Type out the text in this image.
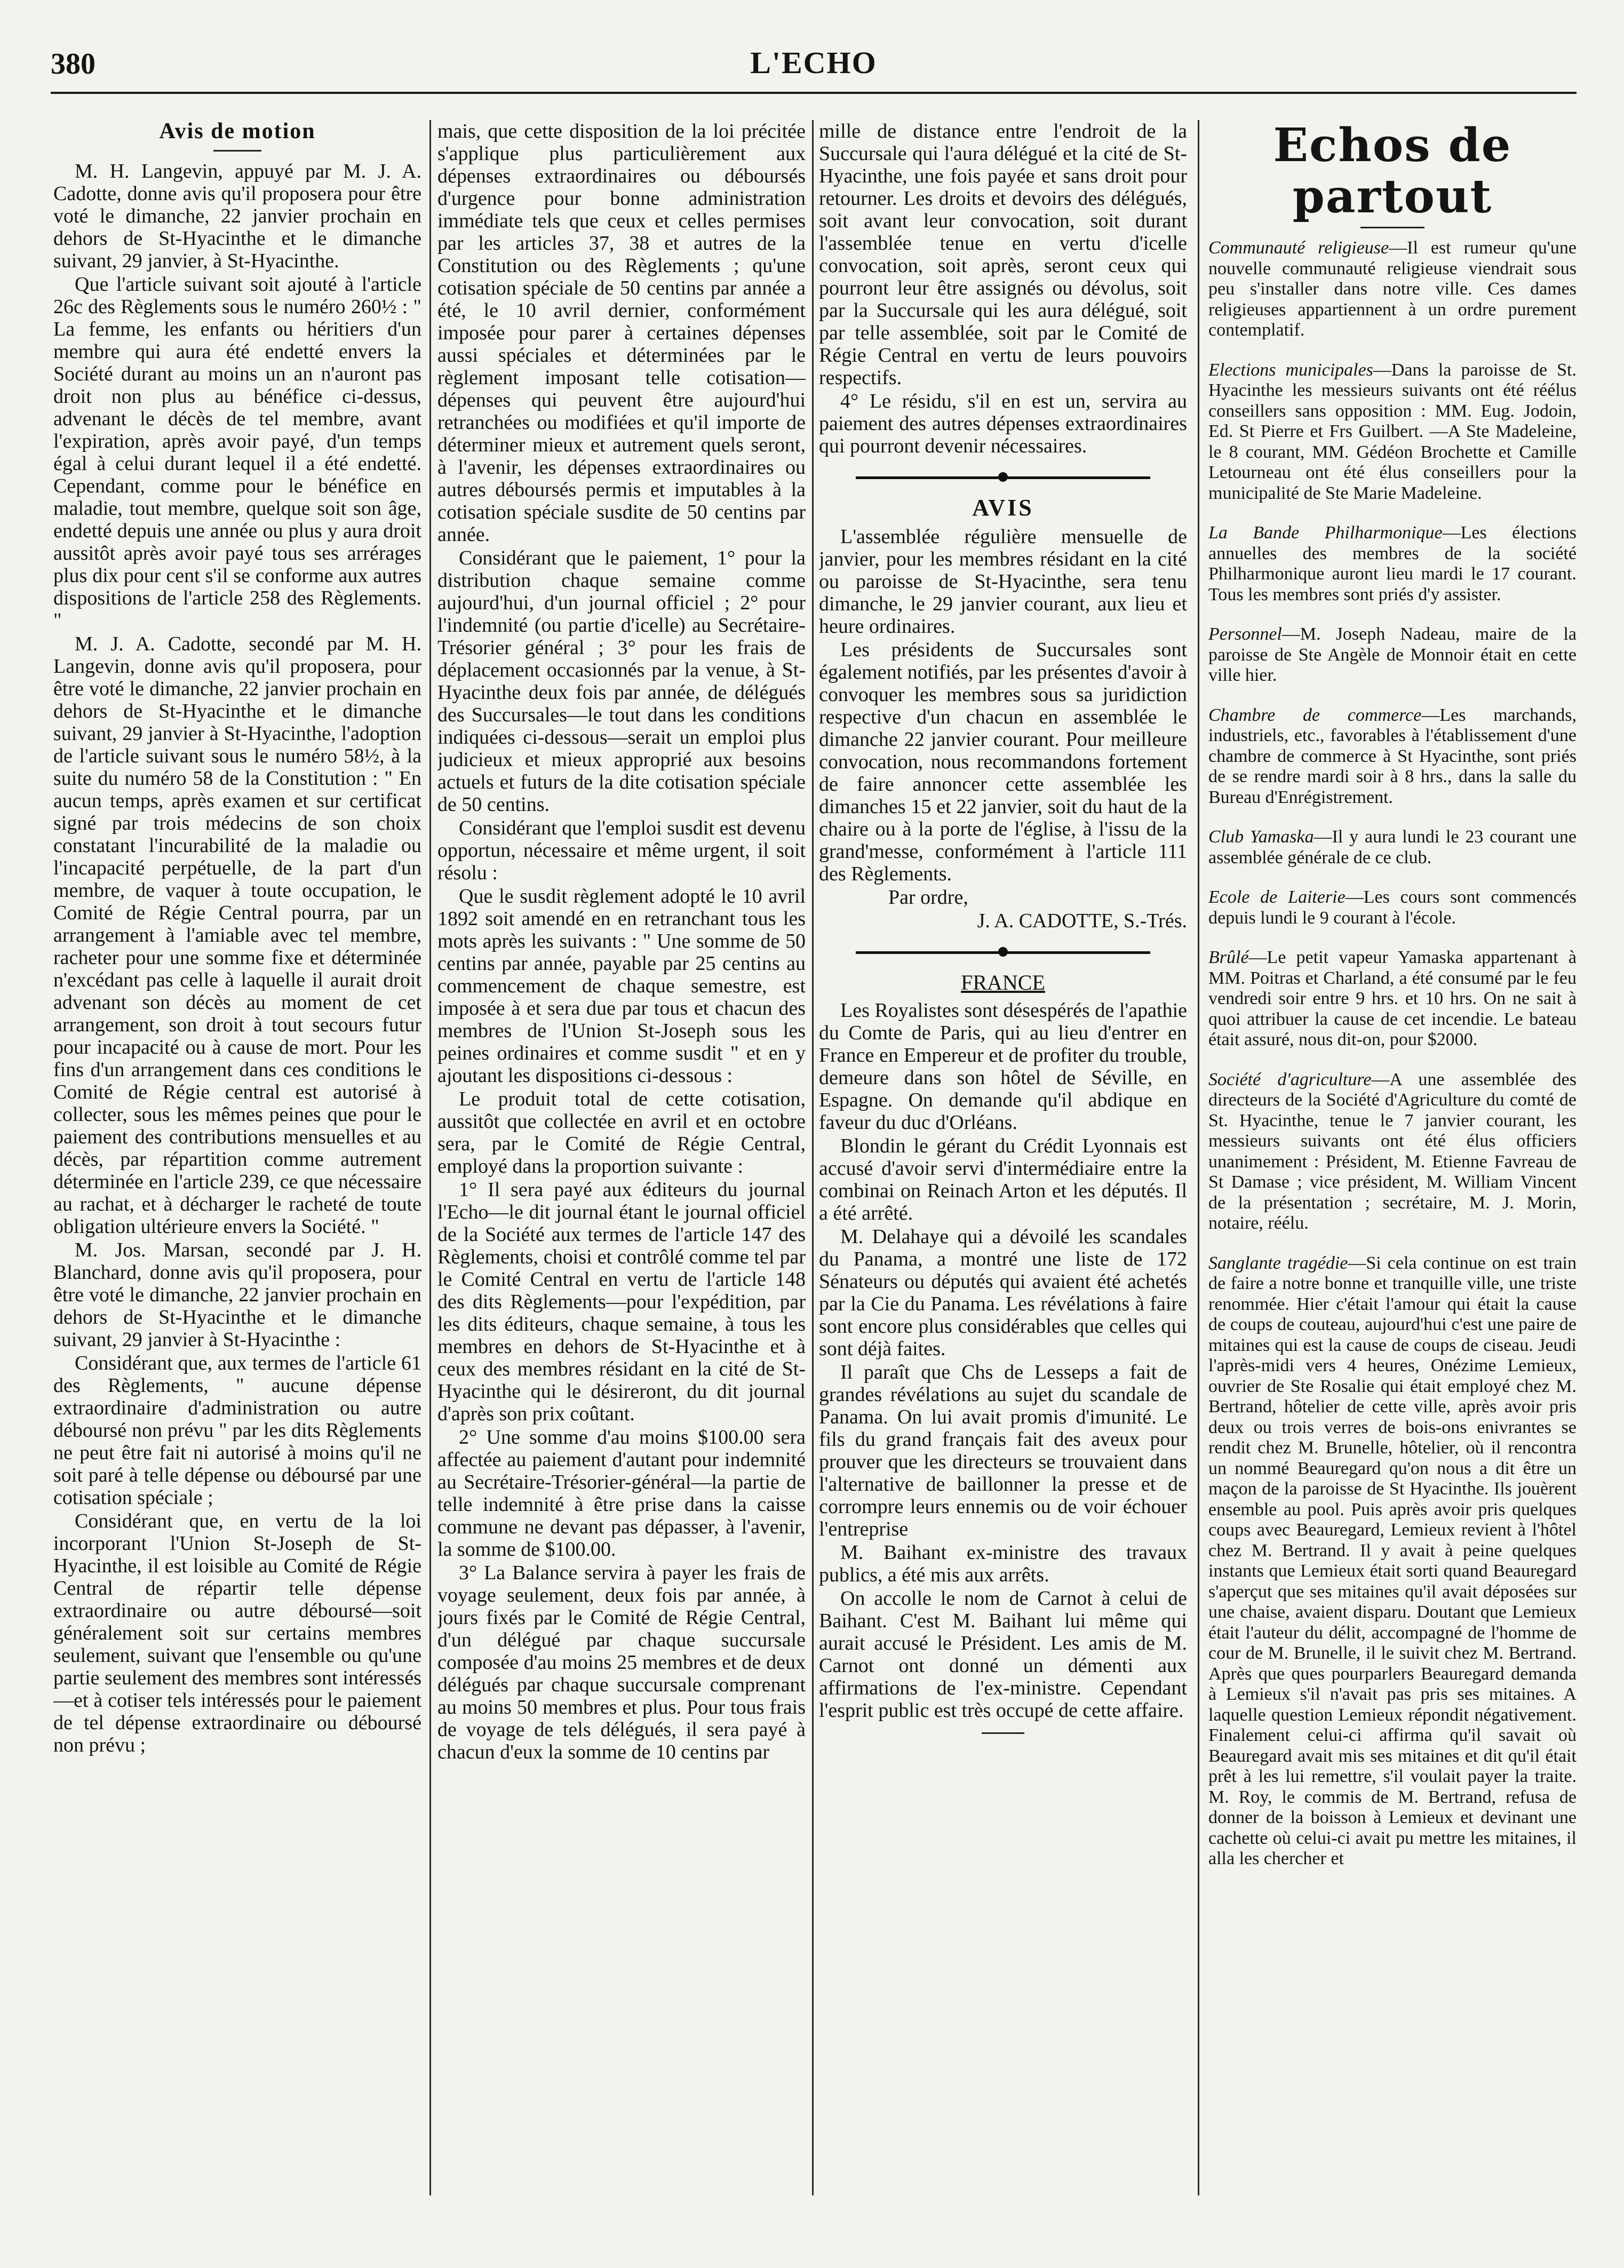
380	L'ECHO
Avis de motion

M. H. Langevin, appuyé par M. J. A. Cadotte, donne avis qu'il proposera pour être voté le dimanche, 22 janvier prochain en dehors de St-Hyacinthe et le dimanche suivant, 29 janvier, à St-Hyacinthe.

Que l'article suivant soit ajouté à l'article 26c des Règlements sous le numéro 260½ : " La femme, les enfants ou héritiers d'un membre qui aura été endetté envers la Société durant au moins un an n'auront pas droit non plus au bénéfice ci-dessus, advenant le décès de tel membre, avant l'expiration, après avoir payé, d'un temps égal à celui durant lequel il a été endetté. Cependant, comme pour le bénéfice en maladie, tout membre, quelque soit son âge, endetté depuis une année ou plus y aura droit aussitôt après avoir payé tous ses arrérages plus dix pour cent s'il se conforme aux autres dispositions de l'article 258 des Règlements. "

M. J. A. Cadotte, secondé par M. H. Langevin, donne avis qu'il proposera, pour être voté le dimanche, 22 janvier prochain en dehors de St-Hyacinthe et le dimanche suivant, 29 janvier à St-Hyacinthe, l'adoption de l'article suivant sous le numéro 58½, à la suite du numéro 58 de la Constitution : " En aucun temps, après examen et sur certificat signé par trois médecins de son choix constatant l'incurabilité de la maladie ou l'incapacité perpétuelle, de la part d'un membre, de vaquer à toute occupation, le Comité de Régie Central pourra, par un arrangement à l'amiable avec tel membre, racheter pour une somme fixe et déterminée n'excédant pas celle à laquelle il aurait droit advenant son décès au moment de cet arrangement, son droit à tout secours futur pour incapacité ou à cause de mort. Pour les fins d'un arrangement dans ces conditions le Comité de Régie central est autorisé à collecter, sous les mêmes peines que pour le paiement des contributions mensuelles et au décès, par répartition comme autrement déterminée en l'article 239, ce que nécessaire au rachat, et à décharger le racheté de toute obligation ultérieure envers la Société. "

M. Jos. Marsan, secondé par J. H. Blanchard, donne avis qu'il proposera, pour être voté le dimanche, 22 janvier prochain en dehors de St-Hyacinthe et le dimanche suivant, 29 janvier à St-Hyacinthe :

Considérant que, aux termes de l'article 61 des Règlements, " aucune dépense extraordinaire d'administration ou autre déboursé non prévu " par les dits Règlements ne peut être fait ni autorisé à moins qu'il ne soit paré à telle dépense ou déboursé par une cotisation spéciale ;

Considérant que, en vertu de la loi incorporant l'Union St-Joseph de St-Hyacinthe, il est loisible au Comité de Régie Central de répartir telle dépense extraordinaire ou autre déboursé—soit généralement soit sur certains membres seulement, suivant que l'ensemble ou qu'une partie seulement des membres sont intéressés—et à cotiser tels intéressés pour le paiement de tel dépense extraordinaire ou déboursé non prévu ;

mais, que cette disposition de la loi précitée s'applique plus particulièrement aux dépenses extraordinaires ou déboursés d'urgence pour bonne administration immédiate tels que ceux et celles permises par les articles 37, 38 et autres de la Constitution ou des Règlements ; qu'une cotisation spéciale de 50 centins par année a été, le 10 avril dernier, conformément imposée pour parer à certaines dépenses aussi spéciales et déterminées par le règlement imposant telle cotisation—dépenses qui peuvent être aujourd'hui retranchées ou modifiées et qu'il importe de déterminer mieux et autrement quels seront, à l'avenir, les dépenses extraordinaires ou autres déboursés permis et imputables à la cotisation spéciale susdite de 50 centins par année.

Considérant que le paiement, 1° pour la distribution chaque semaine comme aujourd'hui, d'un journal officiel ; 2° pour l'indemnité (ou partie d'icelle) au Secrétaire-Trésorier général ; 3° pour les frais de déplacement occasionnés par la venue, à St-Hyacinthe deux fois par année, de délégués des Succursales—le tout dans les conditions indiquées ci-dessous—serait un emploi plus judicieux et mieux approprié aux besoins actuels et futurs de la dite cotisation spéciale de 50 centins.

Considérant que l'emploi susdit est devenu opportun, nécessaire et même urgent, il soit résolu :

Que le susdit règlement adopté le 10 avril 1892 soit amendé en en retranchant tous les mots après les suivants : " Une somme de 50 centins par année, payable par 25 centins au commencement de chaque semestre, est imposée à et sera due par tous et chacun des membres de l'Union St-Joseph sous les peines ordinaires et comme susdit " et en y ajoutant les dispositions ci-dessous :

Le produit total de cette cotisation, aussitôt que collectée en avril et en octobre sera, par le Comité de Régie Central, employé dans la proportion suivante :

1° Il sera payé aux éditeurs du journal l'Echo—le dit journal étant le journal officiel de la Société aux termes de l'article 147 des Règlements, choisi et contrôlé comme tel par le Comité Central en vertu de l'article 148 des dits Règlements—pour l'expédition, par les dits éditeurs, chaque semaine, à tous les membres en dehors de St-Hyacinthe et à ceux des membres résidant en la cité de St-Hyacinthe qui le désireront, du dit journal d'après son prix coûtant.

2° Une somme d'au moins $100.00 sera affectée au paiement d'autant pour indemnité au Secrétaire-Trésorier-général—la partie de telle indemnité à être prise dans la caisse commune ne devant pas dépasser, à l'avenir, la somme de $100.00.

3° La Balance servira à payer les frais de voyage seulement, deux fois par année, à jours fixés par le Comité de Régie Central, d'un délégué par chaque succursale composée d'au moins 25 membres et de deux délégués par chaque succursale comprenant au moins 50 membres et plus. Pour tous frais de voyage de tels délégués, il sera payé à chacun d'eux la somme de 10 centins par

mille de distance entre l'endroit de la Succursale qui l'aura délégué et la cité de St-Hyacinthe, une fois payée et sans droit pour retourner. Les droits et devoirs des délégués, soit avant leur convocation, soit durant l'assemblée tenue en vertu d'icelle convocation, soit après, seront ceux qui pourront leur être assignés ou dévolus, soit par la Succursale qui les aura délégué, soit par telle assemblée, soit par le Comité de Régie Central en vertu de leurs pouvoirs respectifs.

4° Le résidu, s'il en est un, servira au paiement des autres dépenses extraordinaires qui pourront devenir nécessaires.

AVIS

L'assemblée régulière mensuelle de janvier, pour les membres résidant en la cité ou paroisse de St-Hyacinthe, sera tenu dimanche, le 29 janvier courant, aux lieu et heure ordinaires.

Les présidents de Succursales sont également notifiés, par les présentes d'avoir à convoquer les membres sous sa juridiction respective d'un chacun en assemblée le dimanche 22 janvier courant. Pour meilleure convocation, nous recommandons fortement de faire annoncer cette assemblée les dimanches 15 et 22 janvier, soit du haut de la chaire ou à la porte de l'église, à l'issu de la grand'messe, conformément à l'article 111 des Règlements.

Par ordre,

J. A. CADOTTE, S.-Trés.

FRANCE

Les Royalistes sont désespérés de l'apathie du Comte de Paris, qui au lieu d'entrer en France en Empereur et de profiter du trouble, demeure dans son hôtel de Séville, en Espagne. On demande qu'il abdique en faveur du duc d'Orléans.

Blondin le gérant du Crédit Lyonnais est accusé d'avoir servi d'intermédiaire entre la combinai on Reinach Arton et les députés. Il a été arrêté.

M. Delahaye qui a dévoilé les scandales du Panama, a montré une liste de 172 Sénateurs ou députés qui avaient été achetés par la Cie du Panama. Les révélations à faire sont encore plus considérables que celles qui sont déjà faites.

Il paraît que Chs de Lesseps a fait de grandes révélations au sujet du scandale de Panama. On lui avait promis d'imunité. Le fils du grand français fait des aveux pour prouver que les directeurs se trouvaient dans l'alternative de baillonner la presse et de corrompre leurs ennemis ou de voir échouer l'entreprise

M. Baihant ex-ministre des travaux publics, a été mis aux arrêts.

On accolle le nom de Carnot à celui de Baihant. C'est M. Baihant lui même qui aurait accusé le Président. Les amis de M. Carnot ont donné un démenti aux affirmations de l'ex-ministre. Cependant l'esprit public est très occupé de cette affaire.

Echos de partout

Communauté religieuse—Il est rumeur qu'une nouvelle communauté religieuse viendrait sous peu s'installer dans notre ville. Ces dames religieuses appartiennent à un ordre purement contemplatif.

Elections municipales—Dans la paroisse de St. Hyacinthe les messieurs suivants ont été réélus conseillers sans opposition : MM. Eug. Jodoin, Ed. St Pierre et Frs Guilbert. —A Ste Madeleine, le 8 courant, MM. Gédéon Brochette et Camille Letourneau ont été élus conseillers pour la municipalité de Ste Marie Madeleine.

La Bande Philharmonique—Les élections annuelles des membres de la société Philharmonique auront lieu mardi le 17 courant. Tous les membres sont priés d'y assister.

Personnel—M. Joseph Nadeau, maire de la paroisse de Ste Angèle de Monnoir était en cette ville hier.

Chambre de commerce—Les marchands, industriels, etc., favorables à l'établissement d'une chambre de commerce à St Hyacinthe, sont priés de se rendre mardi soir à 8 hrs., dans la salle du Bureau d'Enrégistrement.

Club Yamaska—Il y aura lundi le 23 courant une assemblée générale de ce club.

Ecole de Laiterie—Les cours sont commencés depuis lundi le 9 courant à l'école.

Brûlé—Le petit vapeur Yamaska appartenant à MM. Poitras et Charland, a été consumé par le feu vendredi soir entre 9 hrs. et 10 hrs. On ne sait à quoi attribuer la cause de cet incendie. Le bateau était assuré, nous dit-on, pour $2000.

Société d'agriculture—A une assemblée des directeurs de la Société d'Agriculture du comté de St. Hyacinthe, tenue le 7 janvier courant, les messieurs suivants ont été élus officiers unanimement : Président, M. Etienne Favreau de St Damase ; vice président, M. William Vincent de la présentation ; secrétaire, M. J. Morin, notaire, réélu.

Sanglante tragédie—Si cela continue on est train de faire a notre bonne et tranquille ville, une triste renommée. Hier c'était l'amour qui était la cause de coups de couteau, aujourd'hui c'est une paire de mitaines qui est la cause de coups de ciseau. Jeudi l'après-midi vers 4 heures, Onézime Lemieux, ouvrier de Ste Rosalie qui était employé chez M. Bertrand, hôtelier de cette ville, après avoir pris deux ou trois verres de bois-ons enivrantes se rendit chez M. Brunelle, hôtelier, où il rencontra un nommé Beauregard qu'on nous a dit être un maçon de la paroisse de St Hyacinthe. Ils jouèrent ensemble au pool. Puis après avoir pris quelques coups avec Beauregard, Lemieux revient à l'hôtel chez M. Bertrand. Il y avait à peine quelques instants que Lemieux était sorti quand Beauregard s'aperçut que ses mitaines qu'il avait déposées sur une chaise, avaient disparu. Doutant que Lemieux était l'auteur du délit, accompagné de l'homme de cour de M. Brunelle, il le suivit chez M. Bertrand. Après que ques pourparlers Beauregard demanda à Lemieux s'il n'avait pas pris ses mitaines. A laquelle question Lemieux répondit négativement. Finalement celui-ci affirma qu'il savait où Beauregard avait mis ses mitaines et dit qu'il était prêt à les lui remettre, s'il voulait payer la traite. M. Roy, le commis de M. Bertrand, refusa de donner de la boisson à Lemieux et devinant une cachette où celui-ci avait pu mettre les mitaines, il alla les chercher et
